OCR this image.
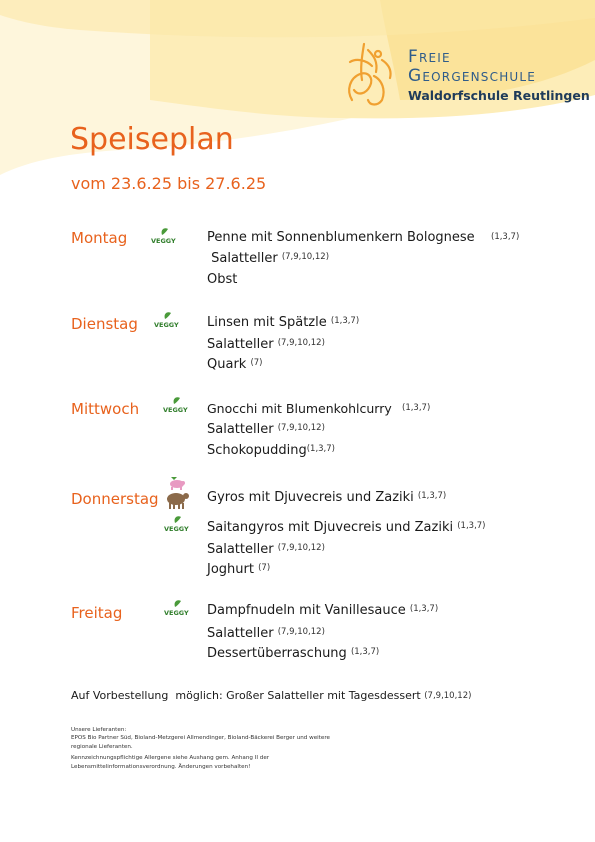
Freie
Georgenschule
Waldorfschule Reutlingen
Speiseplan
vom 23.6.25 bis 27.6.25
Montag	VEGGY Penne mit Sonnenblumenkern Bolognese (1,3,7)
Salatteller $^{(7,9,10,12)}$
Obst
Dienstag VEGGY Linsen mit Spätzle $^{(1,3,7)}$
Salatteller $^{(7,9,10,12)}$
Quark $^{(7)}$
Mittwoch	VEGGY Gnocchi mit Blumenkohlcurry (1,3,7)
Salatteller $^{(7,9,10,12)}$
Schokopudding$^{(1,3,7)}$
Donnerstag	Gyros mit Djuvecreis und Zaziki $^{(1,3,7)}$
VEGGY Saitangyros mit Djuvecreis und Zaziki $^{(1,3,7)}$
Salatteller $^{(7,9,10,12)}$
Joghurt $^{(7)}$
Freitag	VEGGY Dampfnudeln mit Vanillesauce $^{(1,3,7)}$
Salatteller $^{(7,9,10,12)}$
Dessertüberraschung $^{(1,3,7)}$
Auf Vorbestellung  möglich: Großer Salatteller mit Tagesdessert (7,9,10,12)
Unsere Lieferanten:
EPOS Bio Partner Süd, Bioland-Metzgerei Allmendinger, Bioland-Bäckerei Berger und weitere
regionale Lieferanten.
Kennzeichnungspflichtige Allergene siehe Aushang gem. Anhang II der
Lebensmittelinformationsverordnung. Änderungen vorbehalten!
